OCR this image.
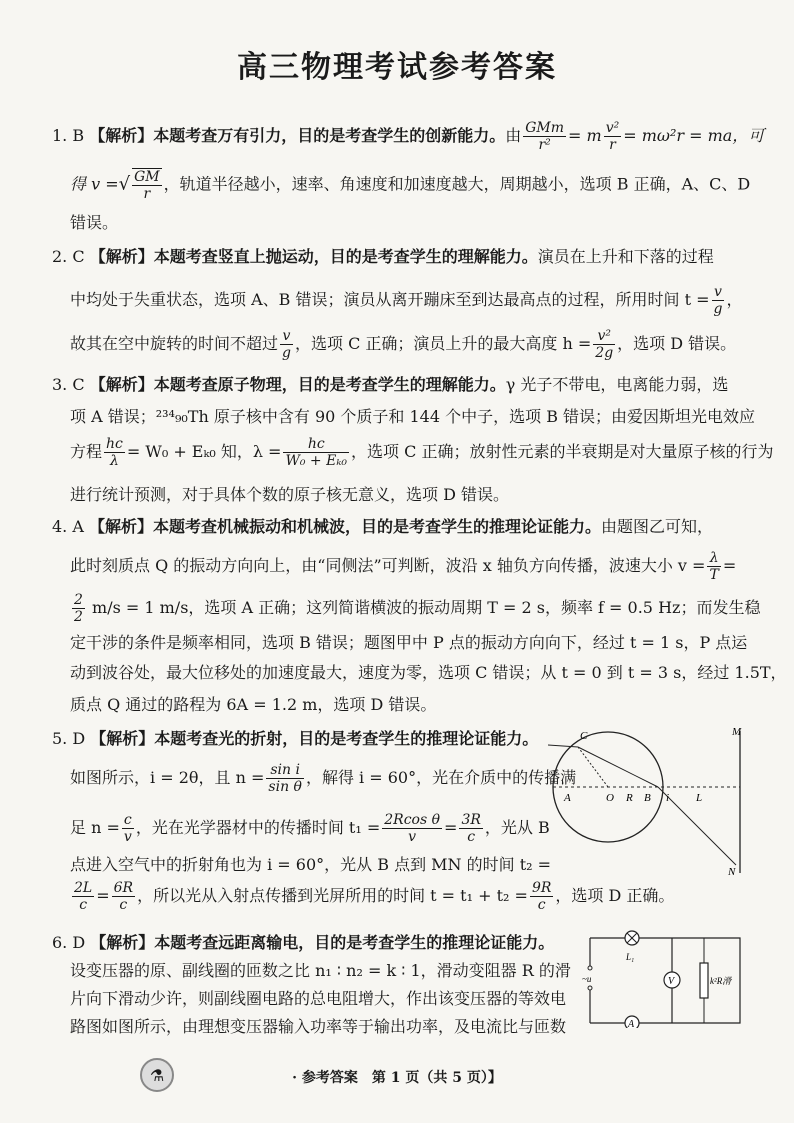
高三物理考试参考答案
1. B 【解析】本题考查万有引力，目的是考查学生的创新能力。由 $\frac{\text{GMm}}{\text{r²}} = m \frac{\text{v²}}{r} = m\omega^2r$ = ma，可
得 v =√ $\frac{GM}{r}$ ，轨道半径越小，速率、角速度和加速度越大，周期越小，选项 B 正确，A、C、D
错误。
2. C 【解析】本题考查竖直上抛运动，目的是考查学生的理解能力。演员在上升和下落的过程
中均处于失重状态，选项 A、B 错误；演员从离开蹦床至到达最高点的过程，所用时间 $t = \frac{v}{g}$ ，
故其在空中旋转的时间不超过 $\frac{v}{g}$ ，选项 C 正确；演员上升的最大高度 $h = \frac{\text{v²}}{2g}$ ，选项 D 错误。
3. C 【解析】本题考查原子物理，目的是考查学生的理解能力。γ 光子不带电，电离能力弱，选
项 A 错误；²³⁴₉₀Th 原子核中含有 90 个质子和 144 个中子，选项 B 错误；由爱因斯坦光电效应
方程 $\frac{hc}{\lambda} = W_0 + E_{k0}$ 知，$\lambda = \frac{hc}{\text{W₀ + Eₖ₀}}$ ，选项 C 正确；放射性元素的半衰期是对大量原子核的行为
进行统计预测，对于具体个数的原子核无意义，选项 D 错误。
4. A 【解析】本题考查机械振动和机械波，目的是考查学生的推理论证能力。由题图乙可知，
此时刻质点 Q 的振动方向向上，由“同侧法”可判断，波沿 x 轴负方向传播，波速大小 $v = \frac{\lambda}{T}$ =
$\frac{2}{2} m/s = 1$ m/s，选项 A 正确；这列简谐横波的振动周期 T = 2 s，频率 f = 0.5 Hz；而发生稳
定干涉的条件是频率相同，选项 B 错误；题图甲中 P 点的振动方向向下，经过 t = 1 s，P 点运
动到波谷处，最大位移处的加速度最大，速度为零，选项 C 错误；从 t = 0 到 t = 3 s，经过 1.5T，
质点 Q 通过的路程为 6A = 1.2 m，选项 D 错误。
5. D 【解析】本题考查光的折射，目的是考查学生的推理论证能力。
如图所示，i = 2θ，且 $n = \frac{\text{sin i}}{\text{sin θ}}$ ，解得 i = 60°，光在介质中的传播满
足 $n = \frac{c}{v}$ ，光在光学器材中的传播时间 $t_1 = \frac{\text{2Rcos θ}}{v} = \frac{3R}{c}$ ，光从 B
点进入空气中的折射角也为 i = 60°，光从 B 点到 MN 的时间 t₂ =
$\frac{2L}{c} = \frac{6R}{c}$ ，所以光从入射点传播到光屏所用的时间 $t = t_1 + t_2 = \frac{9R}{c}$ ，选项 D 正确。
M
N
C
A	O R B i L
6. D 【解析】本题考查远距离输电，目的是考查学生的推理论证能力。
设变压器的原、副线圈的匝数之比 n₁ ∶ n₂ = k ∶ 1，滑动变阻器 R 的滑
片向下滑动少许，则副线圈电路的总电阻增大，作出该变压器的等效电
路图如图所示，由理想变压器输入功率等于输出功率，及电流比与匝数
~u
L₁
V	k²R滑
A
⚗	· 参考答案　第 1 页（共 5 页）】
